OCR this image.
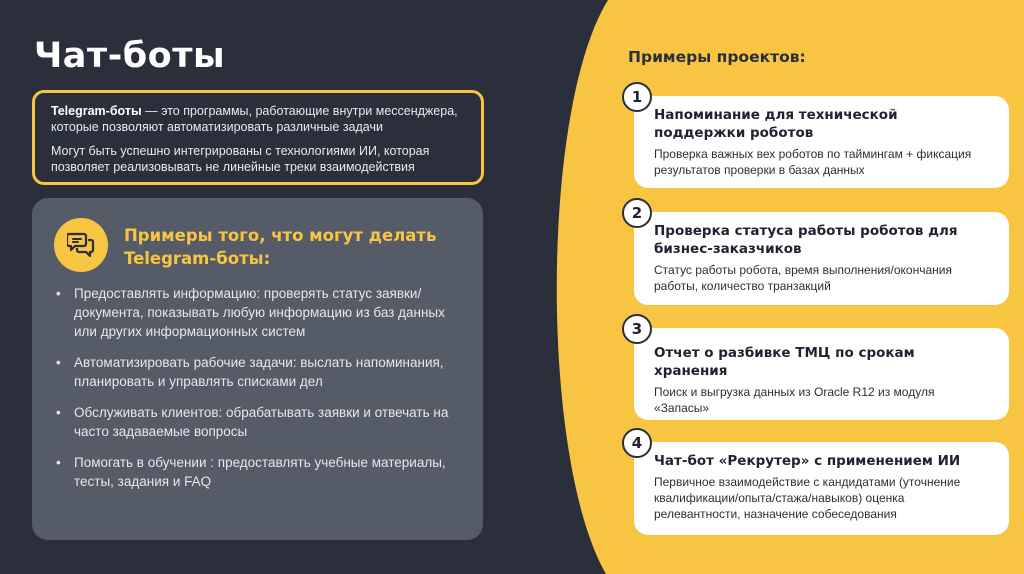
Чат-боты

Telegram-боты — это программы, работающие внутри мессенджера, которые позволяют автоматизировать различные задачи

Могут быть успешно интегрированы с технологиями ИИ, которая позволяет реализовывать не линейные треки взаимодействия

Примеры того, что могут делать Telegram-боты:
• Предоставлять информацию: проверять статус заявки/документа, показывать любую информацию из баз данных или других информационных систем
• Автоматизировать рабочие задачи: выслать напоминания, планировать и управлять списками дел
• Обслуживать клиентов: обрабатывать заявки и отвечать на часто задаваемые вопросы
• Помогать в обучении : предоставлять учебные материалы, тесты, задания и FAQ
Примеры проектов:
Напоминание для технической поддержки роботов
Проверка важных вех роботов по таймингам + фиксация результатов проверки в базах данных
1
Проверка статуса работы роботов для бизнес-заказчиков
Статус работы робота, время выполнения/окончания работы, количество транзакций
2
Отчет о разбивке ТМЦ по срокам хранения
Поиск и выгрузка данных из Oracle R12 из модуля «Запасы»
3
Чат-бот «Рекрутер» с применением ИИ
Первичное взаимодействие с кандидатами (уточнение квалификации/опыта/стажа/навыков) оценка релевантности, назначение собеседования
4
